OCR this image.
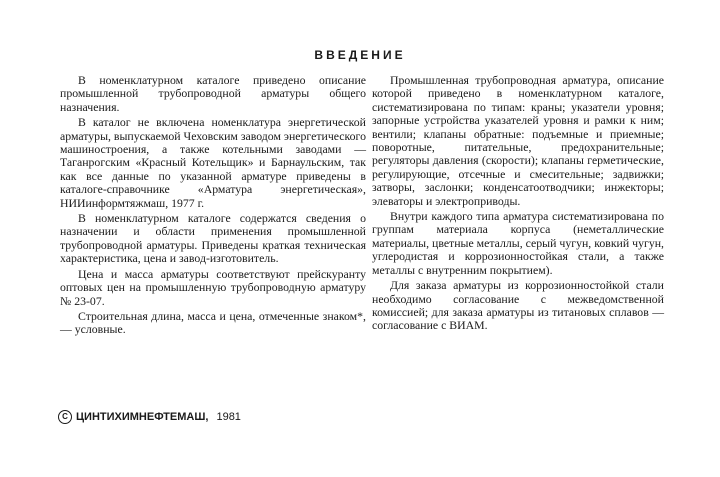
ВВЕДЕНИЕ

В номенклатурном каталоге приведено описание промышленной трубопроводной арматуры общего назначения.

В каталог не включена номенклатура энергетической арматуры, выпускаемой Чеховским заводом энергетического машиностроения, а также котельными заводами — Таганрогским «Красный Котельщик» и Барнаульским, так как все данные по указанной арматуре приведены в каталоге-справочнике «Арматура энергетическая», НИИинформтяжмаш, 1977 г.

В номенклатурном каталоге содержатся сведения о назначении и области применения промышленной трубопроводной арматуры. Приведены краткая техническая характеристика, цена и завод-изготовитель.

Цена и масса арматуры соответствуют прейскуранту оптовых цен на промышленную трубопроводную арматуру № 23-07.

Строительная длина, масса и цена, отмеченные знаком*, — условные.

Промышленная трубопроводная арматура, описание которой приведено в номенклатурном каталоге, систематизирована по типам: краны; указатели уровня; запорные устройства указателей уровня и рамки к ним; вентили; клапаны обратные: подъемные и приемные; поворотные, питательные, предохранительные; регуляторы давления (скорости); клапаны герметические, регулирующие, отсечные и смесительные; задвижки; затворы, заслонки; конденсатоотводчики; инжекторы; элеваторы и электроприводы.

Внутри каждого типа арматура систематизирована по группам материала корпуса (неметаллические материалы, цветные металлы, серый чугун, ковкий чугун, углеродистая и коррозионностойкая стали, а также металлы с внутренним покрытием).

Для заказа арматуры из коррозионностойкой стали необходимо согласование с межведомственной комиссией; для заказа арматуры из титановых сплавов — согласование с ВИАМ.

C ЦИНТИХИМНЕФТЕМАШ, 1981
